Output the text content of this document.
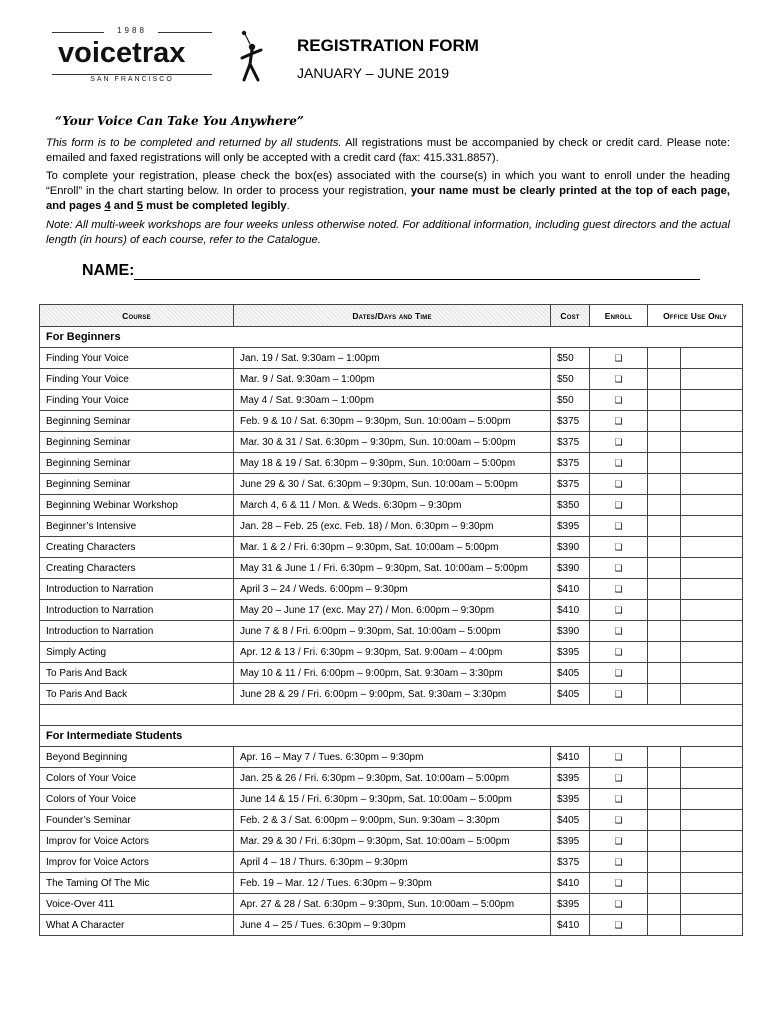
1988
voicetrax
SAN FRANCISCO
REGISTRATION FORM
JANUARY – JUNE 2019
“Your Voice Can Take You Anywhere”
This form is to be completed and returned by all students. All registrations must be accompanied by check or credit card. Please note: emailed and faxed registrations will only be accepted with a credit card (fax: 415.331.8857).
To complete your registration, please check the box(es) associated with the course(s) in which you want to enroll under the heading “Enroll” in the chart starting below. In order to process your registration, your name must be clearly printed at the top of each page, and pages 4 and 5 must be completed legibly.
Note: All multi-week workshops are four weeks unless otherwise noted. For additional information, including guest directors and the actual length (in hours) of each course, refer to the Catalogue.
NAME:
Course	Dates/Days and Time	Cost	Enroll	Office Use Only	
For Beginners					
Finding Your Voice	Jan. 19 / Sat. 9:30am – 1:00pm	$50	❏		
Finding Your Voice	Mar. 9 / Sat. 9:30am – 1:00pm	$50	❏		
Finding Your Voice	May 4 / Sat. 9:30am – 1:00pm	$50	❏		
Beginning Seminar	Feb. 9 & 10 / Sat. 6:30pm – 9:30pm, Sun. 10:00am – 5:00pm	$375	❏		
Beginning Seminar	Mar. 30 & 31 / Sat. 6:30pm – 9:30pm, Sun. 10:00am – 5:00pm	$375	❏		
Beginning Seminar	May 18 & 19 / Sat. 6:30pm – 9:30pm, Sun. 10:00am – 5:00pm	$375	❏		
Beginning Seminar	June 29 & 30 / Sat. 6:30pm – 9:30pm, Sun. 10:00am – 5:00pm	$375	❏		
Beginning Webinar Workshop	March 4, 6 & 11 / Mon. & Weds. 6:30pm – 9:30pm	$350	❏		
Beginner’s Intensive	Jan. 28 – Feb. 25 (exc. Feb. 18) / Mon. 6:30pm – 9:30pm	$395	❏		
Creating Characters	Mar. 1 & 2 / Fri. 6:30pm – 9:30pm, Sat. 10:00am – 5:00pm	$390	❏		
Creating Characters	May 31 & June 1 / Fri. 6:30pm – 9:30pm, Sat. 10:00am – 5:00pm	$390	❏		
Introduction to Narration	April 3 – 24 / Weds. 6:00pm – 9:30pm	$410	❏		
Introduction to Narration	May 20 – June 17 (exc. May 27) / Mon. 6:00pm – 9:30pm	$410	❏		
Introduction to Narration	June 7 & 8 / Fri. 6:00pm – 9:30pm, Sat. 10:00am – 5:00pm	$390	❏		
Simply Acting	Apr. 12 & 13 / Fri. 6:30pm – 9:30pm, Sat. 9:00am – 4:00pm	$395	❏		
To Paris And Back	May 10 & 11 / Fri. 6:00pm – 9:00pm, Sat. 9:30am – 3:30pm	$405	❏		
To Paris And Back	June 28 & 29 / Fri. 6:00pm – 9:00pm, Sat. 9:30am – 3:30pm	$405	❏		

For Intermediate Students					
Beyond Beginning	Apr. 16 – May 7 / Tues. 6:30pm – 9:30pm	$410	❏		
Colors of Your Voice	Jan. 25 & 26 / Fri. 6:30pm – 9:30pm, Sat. 10:00am – 5:00pm	$395	❏		
Colors of Your Voice	June 14 & 15 / Fri. 6:30pm – 9:30pm, Sat. 10:00am – 5:00pm	$395	❏		
Founder’s Seminar	Feb. 2 & 3 / Sat. 6:00pm – 9:00pm, Sun. 9:30am – 3:30pm	$405	❏		
Improv for Voice Actors	Mar. 29 & 30 / Fri. 6:30pm – 9:30pm, Sat. 10:00am – 5:00pm	$395	❏		
Improv for Voice Actors	April 4 – 18 / Thurs. 6:30pm – 9:30pm	$375	❏		
The Taming Of The Mic	Feb. 19 – Mar. 12 / Tues. 6:30pm – 9:30pm	$410	❏		
Voice-Over 411	Apr. 27 & 28 / Sat. 6:30pm – 9:30pm, Sun. 10:00am – 5:00pm	$395	❏		
What A Character	June 4 – 25 / Tues. 6:30pm – 9:30pm	$410	❏		
